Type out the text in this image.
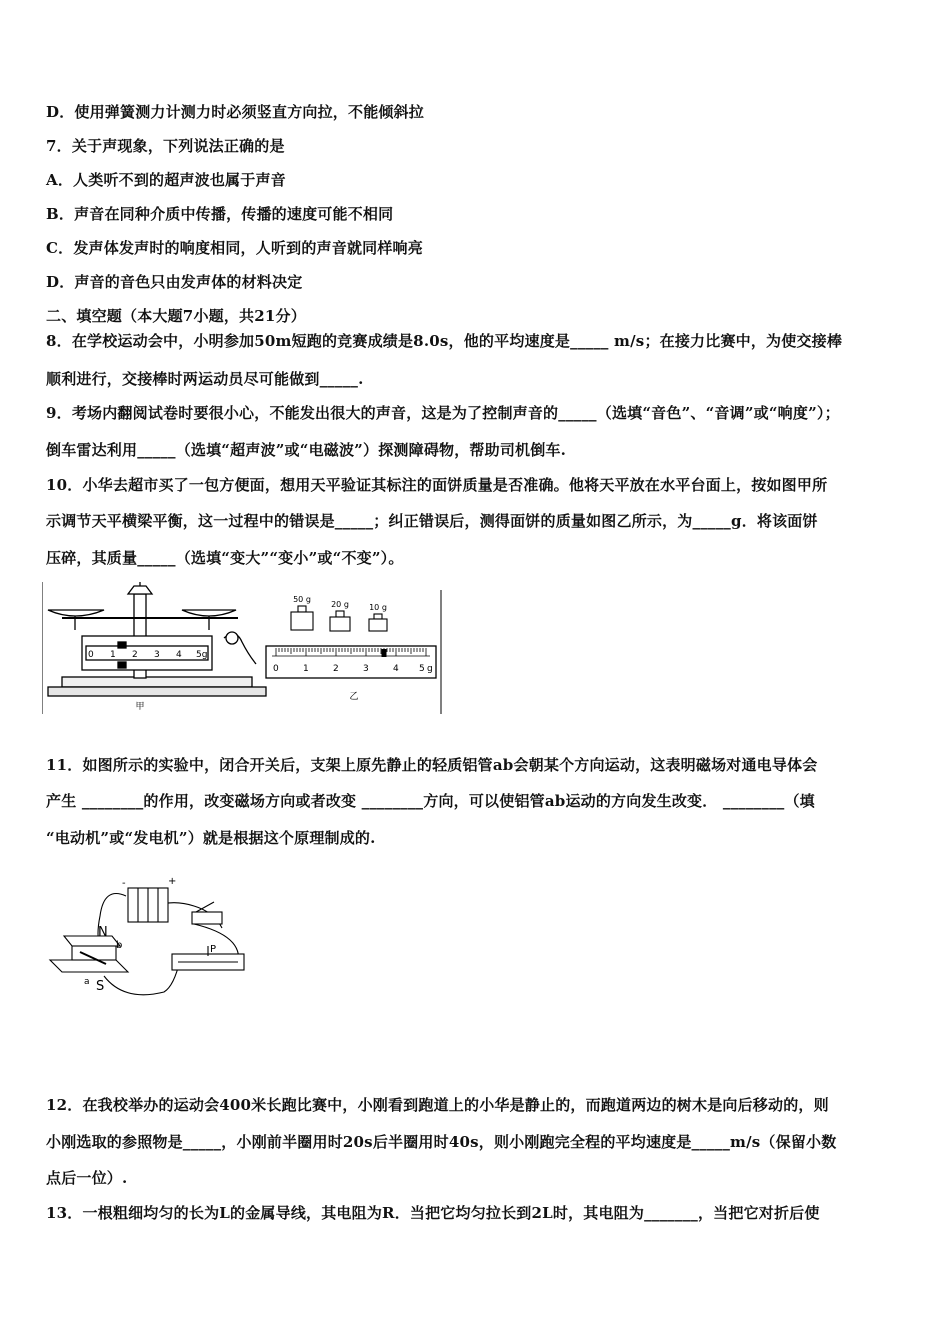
D．使用弹簧测力计测力时必须竖直方向拉，不能倾斜拉
7．关于声现象，下列说法正确的是
A．人类听不到的超声波也属于声音
B．声音在同种介质中传播，传播的速度可能不相同
C．发声体发声时的响度相同，人听到的声音就同样响亮
D．声音的音色只由发声体的材料决定
二、填空题（本大题7小题，共21分）
8．在学校运动会中，小明参加50m短跑的竞赛成绩是8.0s，他的平均速度是_____ m/s；在接力比赛中，为使交接棒
顺利进行，交接棒时两运动员尽可能做到_____.
9．考场内翻阅试卷时要很小心，不能发出很大的声音，这是为了控制声音的_____（选填“音色”、“音调”或“响度”）；
倒车雷达利用_____（选填“超声波”或“电磁波”）探测障碍物，帮助司机倒车.
10．小华去超市买了一包方便面，想用天平验证其标注的面饼质量是否准确。他将天平放在水平台面上，按如图甲所
示调节天平横梁平衡，这一过程中的错误是_____；纠正错误后，测得面饼的质量如图乙所示，为_____g．将该面饼
压碎，其质量_____（选填“变大”“变小”或“不变”）。
0 1 2 3 4 5g
甲
50 g
20 g	10 g
0	1	2	3	4 5 g
乙
11．如图所示的实验中，闭合开关后，支架上原先静止的轻质铝管ab会朝某个方向运动，这表明磁场对通电导体会
产生 ________的作用，改变磁场方向或者改变 ________方向，可以使铝管ab运动的方向发生改变． ________（填
“电动机”或“发电机”）就是根据这个原理制成的.
-	+
N
b
a S
P
12．在我校举办的运动会400米长跑比赛中，小刚看到跑道上的小华是静止的，而跑道两边的树木是向后移动的，则
小刚选取的参照物是_____，小刚前半圈用时20s后半圈用时40s，则小刚跑完全程的平均速度是_____m/s（保留小数
点后一位）.
13．一根粗细均匀的长为L的金属导线，其电阻为R．当把它均匀拉长到2L时，其电阻为_______，当把它对折后使
